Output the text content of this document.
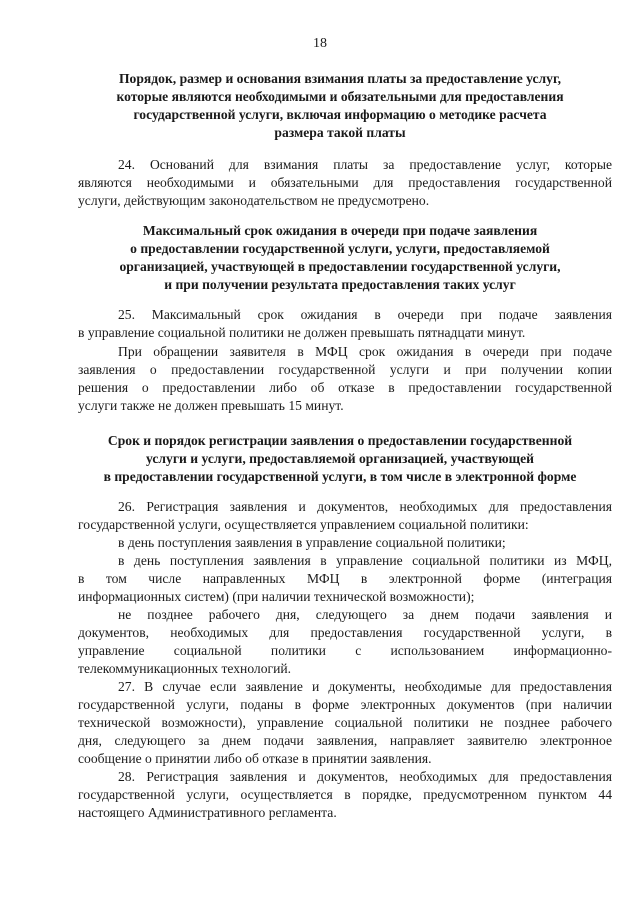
18
Порядок, размер и основания взимания платы за предоставление услуг,
которые являются необходимыми и обязательными для предоставления
государственной услуги, включая информацию о методике расчета
размера такой платы
24. Оснований для взимания платы за предоставление услуг, которые
являются необходимыми и обязательными для предоставления государственной
услуги, действующим законодательством не предусмотрено.
Максимальный срок ожидания в очереди при подаче заявления
о предоставлении государственной услуги, услуги, предоставляемой
организацией, участвующей в предоставлении государственной услуги,
и при получении результата предоставления таких услуг
25. Максимальный срок ожидания в очереди при подаче заявления
в управление социальной политики не должен превышать пятнадцати минут.
При обращении заявителя в МФЦ срок ожидания в очереди при подаче
заявления о предоставлении государственной услуги и при получении копии
решения о предоставлении либо об отказе в предоставлении государственной
услуги также не должен превышать 15 минут.
Срок и порядок регистрации заявления о предоставлении государственной
услуги и услуги, предоставляемой организацией, участвующей
в предоставлении государственной услуги, в том числе в электронной форме
26. Регистрация заявления и документов, необходимых для предоставления
государственной услуги, осуществляется управлением социальной политики:
в день поступления заявления в управление социальной политики;
в день поступления заявления в управление социальной политики из МФЦ,
в том числе направленных МФЦ в электронной форме (интеграция
информационных систем) (при наличии технической возможности);
не позднее рабочего дня, следующего за днем подачи заявления и
документов, необходимых для предоставления государственной услуги, в
управление социальной политики с использованием информационно-
телекоммуникационных технологий.
27. В случае если заявление и документы, необходимые для предоставления
государственной услуги, поданы в форме электронных документов (при наличии
технической возможности), управление социальной политики не позднее рабочего
дня, следующего за днем подачи заявления, направляет заявителю электронное
сообщение о принятии либо об отказе в принятии заявления.
28. Регистрация заявления и документов, необходимых для предоставления
государственной услуги, осуществляется в порядке, предусмотренном пунктом 44
настоящего Административного регламента.
